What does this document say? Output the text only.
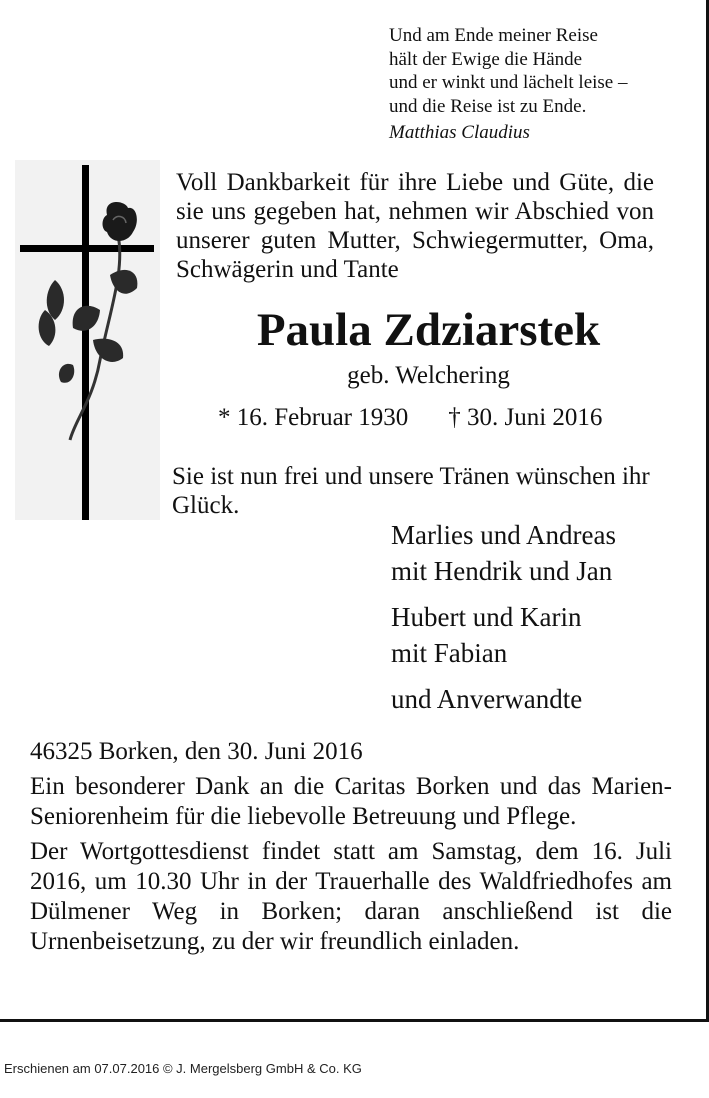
Und am Ende meiner Reise
hält der Ewige die Hände
und er winkt und lächelt leise –
und die Reise ist zu Ende.
Matthias Claudius
Voll Dankbarkeit für ihre Liebe und Güte, die sie uns gegeben hat, nehmen wir Abschied von unserer guten Mutter, Schwiegermutter, Oma, Schwägerin und Tante
Paula Zdziarstek
geb. Welchering
* 16. Februar 1930 † 30. Juni 2016
Sie ist nun frei und unsere Tränen wünschen ihr Glück.
Marlies und Andreas
mit Hendrik und Jan
Hubert und Karin
mit Fabian
und Anverwandte

46325 Borken, den 30. Juni 2016

Ein besonderer Dank an die Caritas Borken und das Marien-Seniorenheim für die liebevolle Betreuung und Pflege.

Der Wortgottesdienst findet statt am Samstag, dem 16. Juli 2016, um 10.30 Uhr in der Trauerhalle des Waldfriedhofes am Dülmener Weg in Borken; daran anschließend ist die Urnenbeisetzung, zu der wir freundlich einladen.

Erschienen am 07.07.2016 © J. Mergelsberg GmbH & Co. KG
